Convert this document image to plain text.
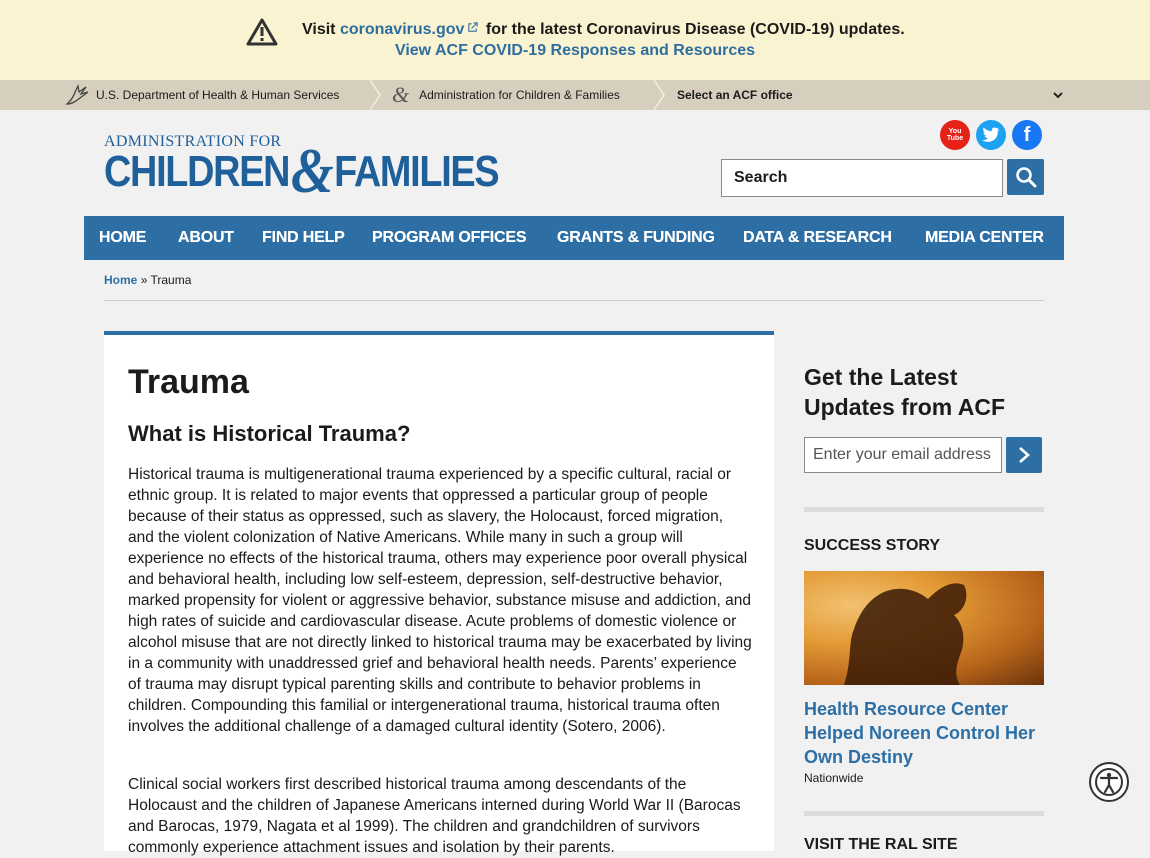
Visit coronavirus.gov for the latest Coronavirus Disease (COVID-19) updates.
View ACF COVID-19 Responses and Resources
U.S. Department of Health & Human Services & Administration for Children & Families	Select an ACF office
ADMINISTRATION FOR
CHILDREN&FAMILIES
You
Tube	f
Search
HOME ABOUT FIND HELP PROGRAM OFFICES GRANTS & FUNDING DATA & RESEARCH MEDIA CENTER
Home » Trauma
Trauma
What is Historical Trauma?

Historical trauma is multigenerational trauma experienced by a specific cultural, racial or ethnic group. It is related to major events that oppressed a particular group of people because of their status as oppressed, such as slavery, the Holocaust, forced migration, and the violent colonization of Native Americans. While many in such a group will experience no effects of the historical trauma, others may experience poor overall physical and behavioral health, including low self-esteem, depression, self-destructive behavior, marked propensity for violent or aggressive behavior, substance misuse and addiction, and high rates of suicide and cardiovascular disease. Acute problems of domestic violence or alcohol misuse that are not directly linked to historical trauma may be exacerbated by living in a community with unaddressed grief and behavioral health needs. Parents’ experience of trauma may disrupt typical parenting skills and contribute to behavior problems in children. Compounding this familial or intergenerational trauma, historical trauma often involves the additional challenge of a damaged cultural identity (Sotero, 2006).

Clinical social workers first described historical trauma among descendants of the Holocaust and the children of Japanese Americans interned during World War II (Barocas and Barocas, 1979, Nagata et al 1999). The children and grandchildren of survivors commonly experience attachment issues and isolation by their parents.

Get the Latest Updates from ACF
Enter your email address
SUCCESS STORY
Health Resource Center Helped Noreen Control Her Own Destiny
Nationwide
VISIT THE RAL SITE
